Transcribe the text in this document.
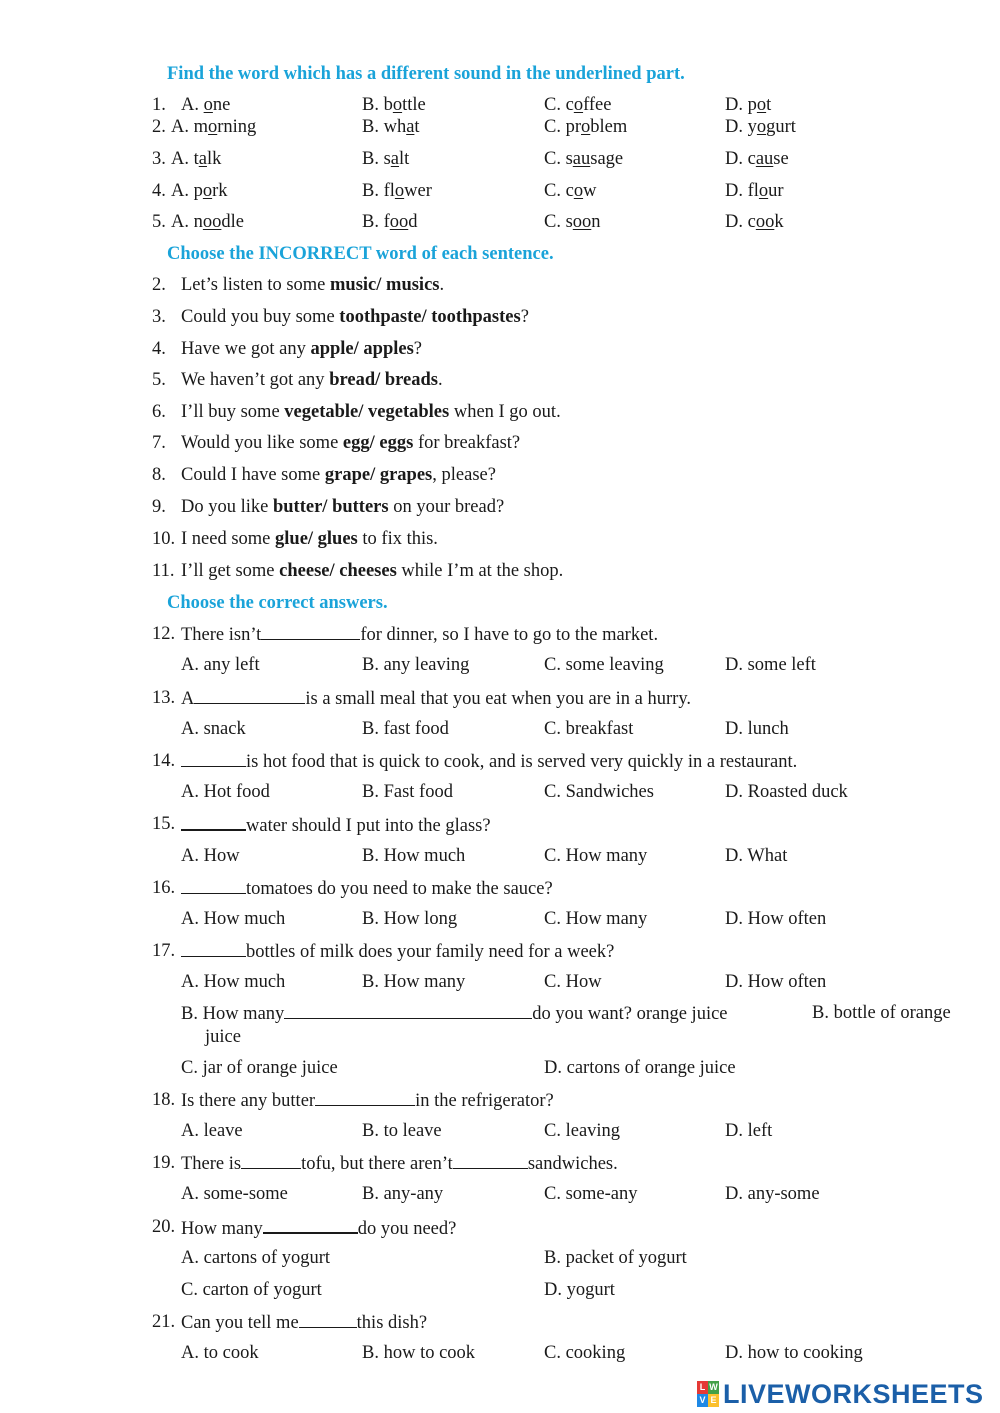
Find the word which has a different sound in the underlined part.
1. A. one	B. bottle	C. coffee	D. pot
2. A. morning	B. what	C. problem	D. yogurt
3. A. talk	B. salt	C. sausage	D. cause
4. A. pork	B. flower	C. cow	D. flour
5. A. noodle	B. food	C. soon	D. cook
Choose the INCORRECT word of each sentence.
2. Let’s listen to some music/ musics.
3. Could you buy some toothpaste/ toothpastes?
4. Have we got any apple/ apples?
5. We haven’t got any bread/ breads.
6. I’ll buy some vegetable/ vegetables when I go out.
7. Would you like some egg/ eggs for breakfast?
8. Could I have some grape/ grapes, please?
9. Do you like butter/ butters on your bread?
10. I need some glue/ glues to fix this.
11. I’ll get some cheese/ cheeses while I’m at the shop.
Choose the correct answers.
12. There isn’t	for dinner, so I have to go to the market.
A. any left	B. any leaving	C. some leaving	D. some left
13. A	is a small meal that you eat when you are in a hurry.
A. snack	B. fast food	C. breakfast	D. lunch
14.	is hot food that is quick to cook, and is served very quickly in a restaurant.
A. Hot food	B. Fast food	C. Sandwiches	D. Roasted duck
15.	water should I put into the glass?
A. How	B. How much	C. How many	D. What
16.	tomatoes do you need to make the sauce?
A. How much	B. How long	C. How many	D. How often
17.	bottles of milk does your family need for a week?
A. How much	B. How many	C. How	D. How often
B. How many	do you want? orange juice	B. bottle of orange
juice
C. jar of orange juice	D. cartons of orange juice
18. Is there any butter	in the refrigerator?
A. leave	B. to leave	C. leaving	D. left
19. There is	tofu, but there aren’t	sandwiches.
A. some-some	B. any-any	C. some-any	D. any-some
20. How many	do you need?
A. cartons of yogurt	B. packet of yogurt
C. carton of yogurt	D. yogurt
21. Can you tell me	this dish?
A. to cook	B. how to cook	C. cooking	D. how to cooking
L W
V E LIVEWORKSHEETS
